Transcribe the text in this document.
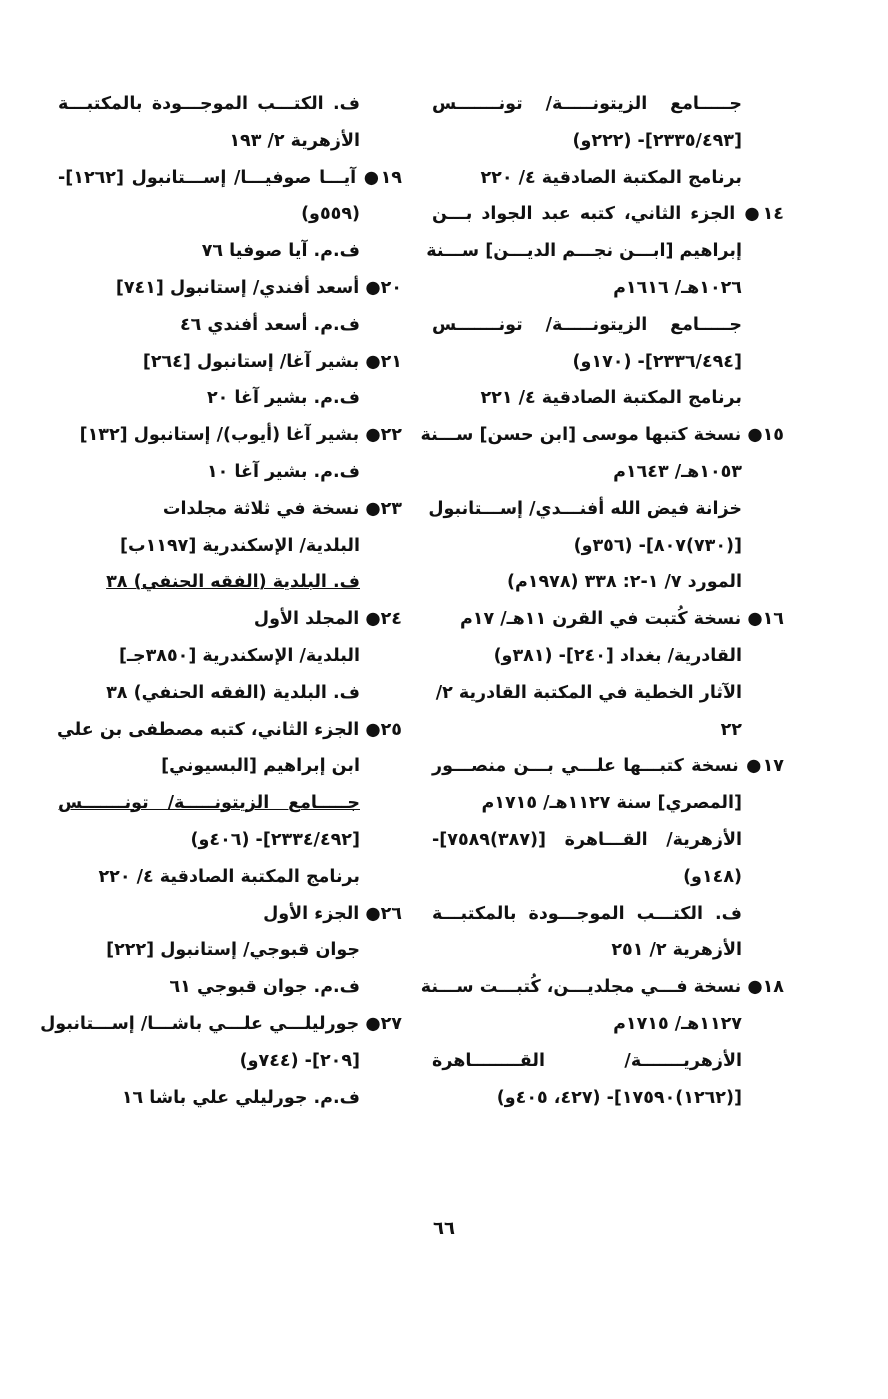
جـــــامع الزيتونـــــة/ تونـــــــس
[٢٣٣٥/٤٩٣]- (٢٢٢و)
برنامج المكتبة الصادقية ٤/ ٢٢٠
١٤● الجزء الثاني، كتبه عبد الجواد بـــن
إبراهيم [ابـــن نجـــم الديـــن] ســـنة
١٠٢٦هـ/ ١٦١٦م
جـــــامع الزيتونـــــة/ تونـــــــس
[٢٣٣٦/٤٩٤]- (١٧٠و)
برنامج المكتبة الصادقية ٤/ ٢٢١
١٥● نسخة كتبها موسى [ابن حسن] ســـنة
١٠٥٣هـ/ ١٦٤٣م
خزانة فيض الله أفنـــدي/ إســـتانبول
[(٧٣٠)٨٠٧]- (٣٥٦و)
المورد ٧/ ١-٢: ٣٣٨ (١٩٧٨م)
١٦● نسخة كُتبت في القرن ١١هـ/ ١٧م
القادرية/ بغداد [٢٤٠]- (٣٨١و)
الآثار الخطية في المكتبة القادرية ٢/
٢٢
١٧● نسخة كتبـــها علـــي بـــن منصـــور
[المصري] سنة ١١٢٧هـ/ ١٧١٥م
الأزهرية/ القـــاهرة [(٣٨٧)٧٥٨٩]-
(١٤٨و)
ف. الكتـــب الموجـــودة بالمكتبـــة
الأزهرية ٢/ ٢٥١
١٨● نسخة فـــي مجلديـــن، كُتبـــت ســـنة
١١٢٧هـ/ ١٧١٥م
الأزهريـــــــة/ القــــــــاهرة
[(١٢٦٢)١٧٥٩٠]- (٤٢٧، ٤٠٥و)
ف. الكتـــب الموجـــودة بالمكتبـــة
الأزهرية ٢/ ١٩٣
١٩● آيـــا صوفيـــا/ إســـتانبول [١٢٦٢]-
(٥٥٩و)
ف.م. آيا صوفيا ٧٦
٢٠● أسعد أفندي/ إستانبول [٧٤١]
ف.م. أسعد أفندي ٤٦
٢١● بشير آغا/ إستانبول [٢٦٤]
ف.م. بشير آغا ٢٠
٢٢● بشير آغا (أيوب)/ إستانبول [١٣٢]
ف.م. بشير آغا ١٠
٢٣● نسخة في ثلاثة مجلدات
البلدية/ الإسكندرية [١١٩٧ب]
ف. البلدية (الفقه الحنفي) ٣٨
٢٤● المجلد الأول
البلدية/ الإسكندرية [٣٨٥٠جـ]
ف. البلدية (الفقه الحنفي) ٣٨
٢٥● الجزء الثاني، كتبه مصطفى بن علي
ابن إبراهيم [البسيوني]
جـــــامع الزيتونـــــة/ تونـــــــس
[٢٣٣٤/٤٩٢]- (٤٠٦و)
برنامج المكتبة الصادقية ٤/ ٢٢٠
٢٦● الجزء الأول
جوان قبوجي/ إستانبول [٢٢٢]
ف.م. جوان قبوجي ٦١
٢٧● جورليلـــي علـــي باشـــا/ إســـتانبول
[٢٠٩]- (٧٤٤و)
ف.م. جورليلي علي باشا ١٦
٦٦
